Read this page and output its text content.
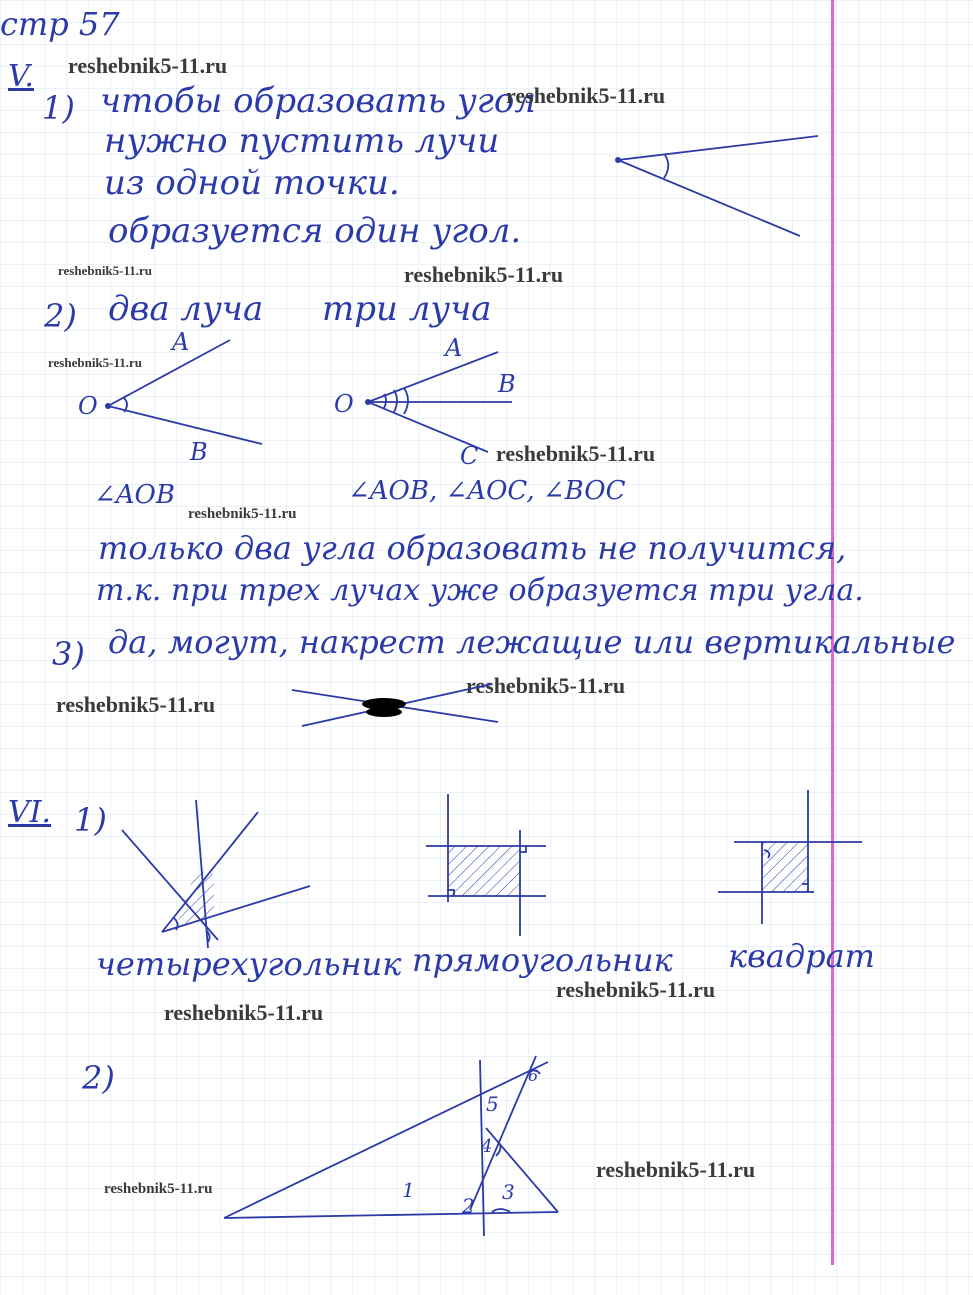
стр 57
V.
1) чтобы образовать угол
нужно пустить лучи
из одной точки.
образуется один угол.
2) два луча три луча
O
A
B
O
A
B
C
∠AOB	∠AOB, ∠AOC, ∠BOC
только два угла образовать не получится,
т.к. при трех лучах уже образуется три угла.
3) да, могут, накрест лежащие или вертикальные
VI. 1)
четырехугольник прямоугольник квадрат
2)
1
2
3
4
5
6
reshebnik5-11.ru
reshebnik5-11.ru
reshebnik5-11.ru	reshebnik5-11.ru
reshebnik5-11.ru
reshebnik5-11.ru
reshebnik5-11.ru
reshebnik5-11.ru
reshebnik5-11.ru
reshebnik5-11.ru
reshebnik5-11.ru
reshebnik5-11.ru
reshebnik5-11.ru
